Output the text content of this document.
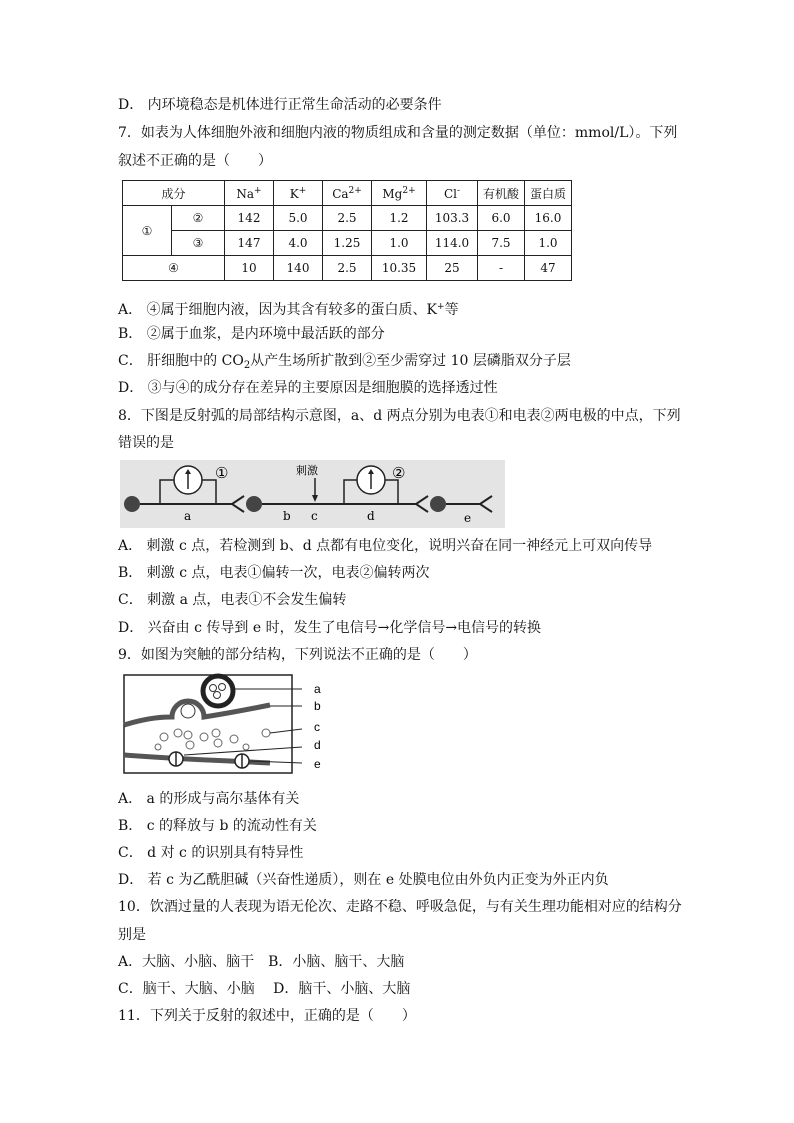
D． 内环境稳态是机体进行正常生命活动的必要条件
7．如表为人体细胞外液和细胞内液的物质组成和含量的测定数据（单位：mmol/L）。下列
叙述不正确的是（　　）
成分		Na+	K+	$Ca^{2+}$	$Mg^{2+}$	Cl-	有机酸	蛋白质
①	②	142	5.0	2.5	1.2	103.3	6.0	16.0
	③	147	4.0	1.25	1.0	114.0	7.5	1.0
④		10	140	2.5	10.35	25	-	47
A． ④属于细胞内液，因为其含有较多的蛋白质、K+等
B． ②属于血浆，是内环境中最活跃的部分
C． 肝细胞中的 $CO_2$从产生场所扩散到②至少需穿过 10 层磷脂双分子层
D． ③与④的成分存在差异的主要原因是细胞膜的选择透过性
8．下图是反射弧的局部结构示意图，a、d 两点分别为电表①和电表②两电极的中点，下列
错误的是
①
a
刺激	②
b c	d	e
A． 刺激 c 点，若检测到 b、d 点都有电位变化，说明兴奋在同一神经元上可双向传导
B． 刺激 c 点，电表①偏转一次，电表②偏转两次
C． 刺激 a 点，电表①不会发生偏转
D． 兴奋由 c 传导到 e 时，发生了电信号→化学信号→电信号的转换
9．如图为突触的部分结构，下列说法不正确的是（　　）
a
b
c
d
e
A． a 的形成与高尔基体有关
B． c 的释放与 b 的流动性有关
C． d 对 c 的识别具有特异性
D． 若 c 为乙酰胆碱（兴奋性递质），则在 e 处膜电位由外负内正变为外正内负
10．饮酒过量的人表现为语无伦次、走路不稳、呼吸急促，与有关生理功能相对应的结构分
别是
A．大脑、小脑、脑干　B．小脑、脑干、大脑
C．脑干、大脑、小脑　 D．脑干、小脑、大脑
11．下列关于反射的叙述中，正确的是（　　）
